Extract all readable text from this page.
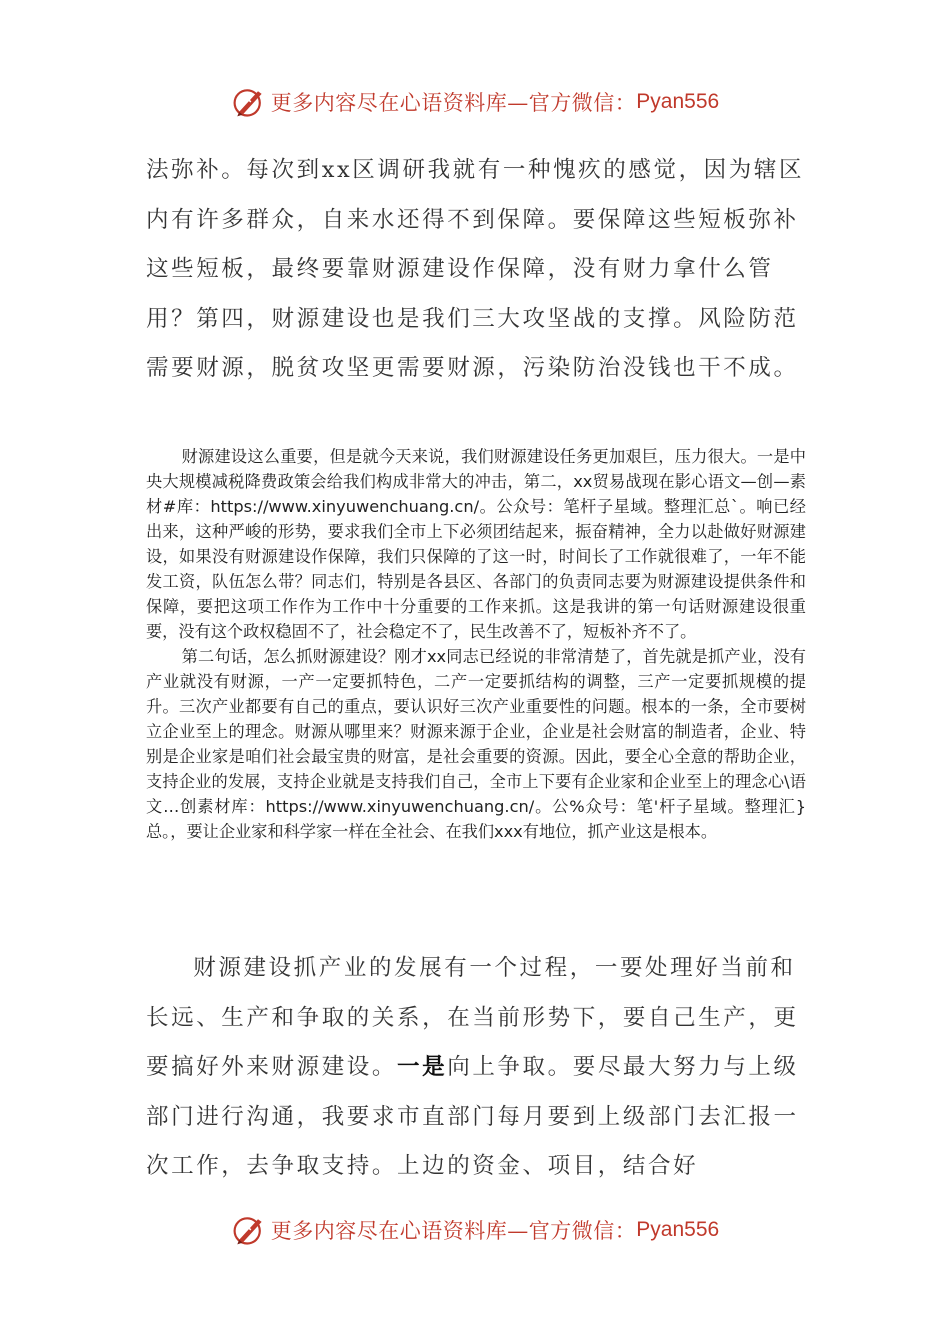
更多内容尽在心语资料库—官方微信： Pyan556

法弥补。每次到xx区调研我就有一种愧疚的感觉，因为辖区内有许多群众，自来水还得不到保障。要保障这些短板弥补这些短板，最终要靠财源建设作保障，没有财力拿什么管用？第四，财源建设也是我们三大攻坚战的支撑。风险防范需要财源，脱贫攻坚更需要财源，污染防治没钱也干不成。

财源建设这么重要，但是就今天来说，我们财源建设任务更加艰巨，压力很大。一是中央大规模减税降费政策会给我们构成非常大的冲击，第二，xx贸易战现在影心语文—创—素材#库：https://www.xinyuwenchuang.cn/。公众号：笔杆子星域。整理汇总`。响已经出来，这种严峻的形势，要求我们全市上下必须团结起来，振奋精神，全力以赴做好财源建设，如果没有财源建设作保障，我们只保障的了这一时，时间长了工作就很难了，一年不能发工资，队伍怎么带？同志们，特别是各县区、各部门的负责同志要为财源建设提供条件和保障，要把这项工作作为工作中十分重要的工作来抓。这是我讲的第一句话财源建设很重要，没有这个政权稳固不了，社会稳定不了，民生改善不了，短板补齐不了。

第二句话，怎么抓财源建设？刚才xx同志已经说的非常清楚了，首先就是抓产业，没有产业就没有财源，一产一定要抓特色，二产一定要抓结构的调整，三产一定要抓规模的提升。三次产业都要有自己的重点，要认识好三次产业重要性的问题。根本的一条，全市要树立企业至上的理念。财源从哪里来？财源来源于企业，企业是社会财富的制造者，企业、特别是企业家是咱们社会最宝贵的财富，是社会重要的资源。因此，要全心全意的帮助企业，支持企业的发展，支持企业就是支持我们自己，全市上下要有企业家和企业至上的理念心\语文…创素材库：https://www.xinyuwenchuang.cn/。公%众号：笔'杆子星域。整理汇}总。，要让企业家和科学家一样在全社会、在我们xxx有地位，抓产业这是根本。

财源建设抓产业的发展有一个过程，一要处理好当前和长远、生产和争取的关系，在当前形势下，要自己生产，更要搞好外来财源建设。一是向上争取。要尽最大努力与上级部门进行沟通，我要求市直部门每月要到上级部门去汇报一次工作，去争取支持。上边的资金、项目，结合好

更多内容尽在心语资料库—官方微信： Pyan556
